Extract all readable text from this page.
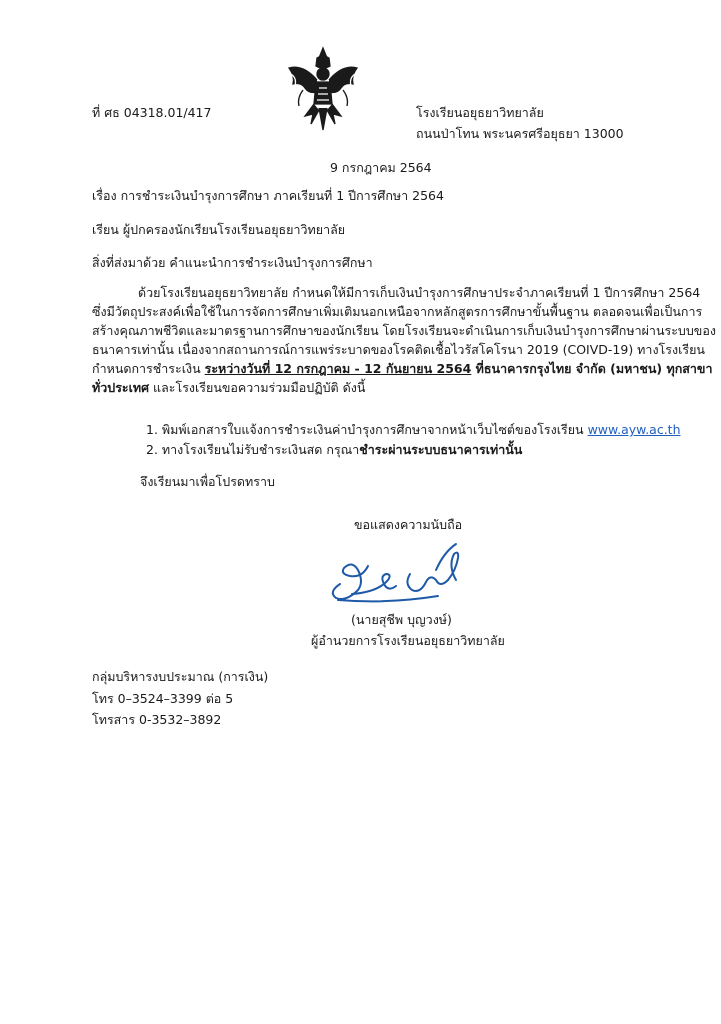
ที่ ศธ 04318.01/417	โรงเรียนอยุธยาวิทยาลัย
ถนนป่าโทน พระนครศรีอยุธยา 13000
9 กรกฎาคม 2564
เรื่อง การชำระเงินบำรุงการศึกษา ภาคเรียนที่ 1 ปีการศึกษา 2564
เรียน ผู้ปกครองนักเรียนโรงเรียนอยุธยาวิทยาลัย
สิ่งที่ส่งมาด้วย คำแนะนำการชำระเงินบำรุงการศึกษา
ด้วยโรงเรียนอยุธยาวิทยาลัย กำหนดให้มีการเก็บเงินบำรุงการศึกษาประจำภาคเรียนที่ 1 ปีการศึกษา 2564
ซึ่งมีวัตถุประสงค์เพื่อใช้ในการจัดการศึกษาเพิ่มเติมนอกเหนือจากหลักสูตรการศึกษาขั้นพื้นฐาน ตลอดจนเพื่อเป็นการ
สร้างคุณภาพชีวิตและมาตรฐานการศึกษาของนักเรียน โดยโรงเรียนจะดำเนินการเก็บเงินบำรุงการศึกษาผ่านระบบของ
ธนาคารเท่านั้น เนื่องจากสถานการณ์การแพร่ระบาดของโรคติดเชื้อไวรัสโคโรนา 2019 (COIVD-19) ทางโรงเรียน
กำหนดการชำระเงิน ระหว่างวันที่ 12 กรกฎาคม - 12 กันยายน 2564 ที่ธนาคารกรุงไทย จำกัด (มหาชน) ทุกสาขา
ทั่วประเทศ และโรงเรียนขอความร่วมมือปฏิบัติ ดังนี้
1. พิมพ์เอกสารใบแจ้งการชำระเงินค่าบำรุงการศึกษาจากหน้าเว็บไซต์ของโรงเรียน www.ayw.ac.th
2. ทางโรงเรียนไม่รับชำระเงินสด กรุณาชำระผ่านระบบธนาคารเท่านั้น
จึงเรียนมาเพื่อโปรดทราบ
ขอแสดงความนับถือ
(นายสุชีพ บุญวงษ์)
ผู้อำนวยการโรงเรียนอยุธยาวิทยาลัย
กลุ่มบริหารงบประมาณ (การเงิน)
โทร 0–3524–3399 ต่อ 5
โทรสาร 0-3532–3892
